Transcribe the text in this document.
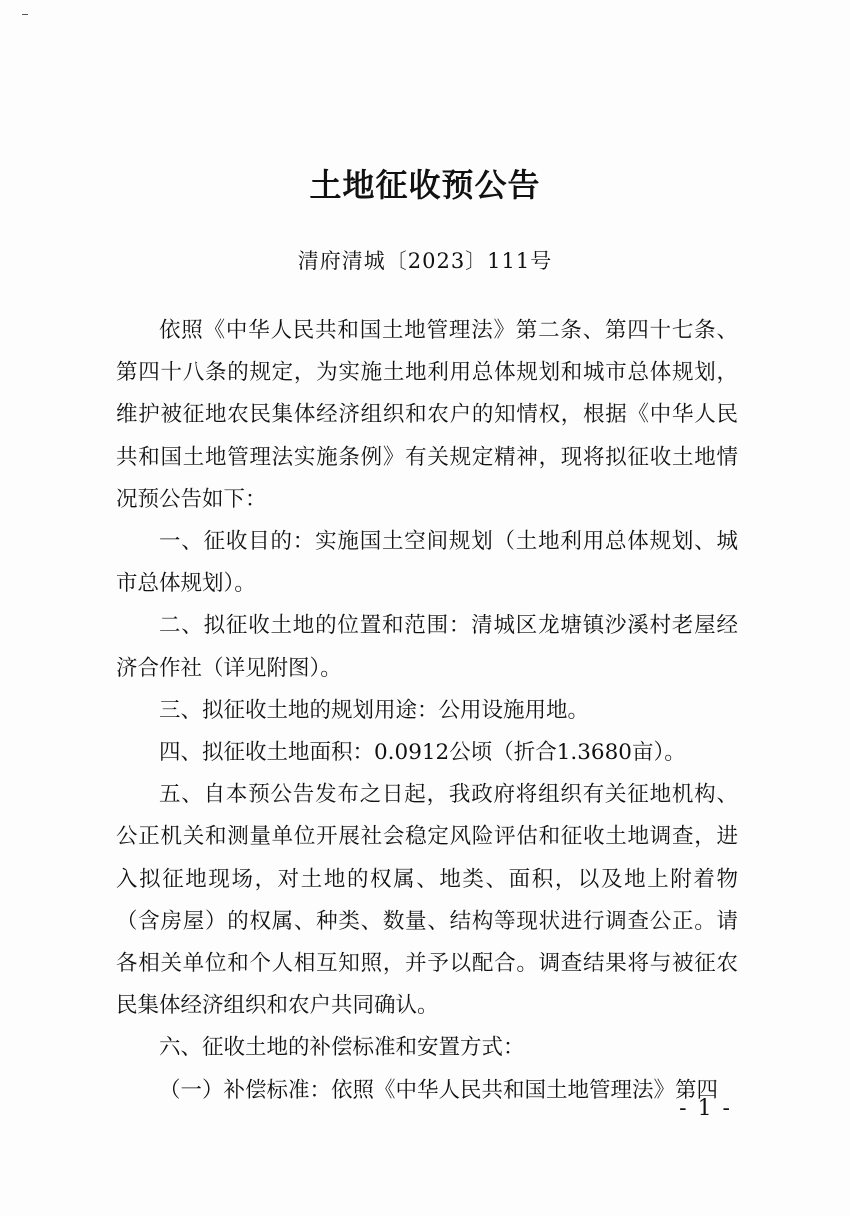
土地征收预公告
清府清城〔2023〕111号

依照《中华人民共和国土地管理法》第二条、第四十七条、第四十八条的规定，为实施土地利用总体规划和城市总体规划，维护被征地农民集体经济组织和农户的知情权，根据《中华人民共和国土地管理法实施条例》有关规定精神，现将拟征收土地情况预公告如下：

一、征收目的：实施国土空间规划（土地利用总体规划、城市总体规划）。

二、拟征收土地的位置和范围：清城区龙塘镇沙溪村老屋经济合作社（详见附图）。

三、拟征收土地的规划用途：公用设施用地。

四、拟征收土地面积：0.0912公顷（折合1.3680亩）。

五、自本预公告发布之日起，我政府将组织有关征地机构、公正机关和测量单位开展社会稳定风险评估和征收土地调查，进入拟征地现场，对土地的权属、地类、面积，以及地上附着物（含房屋）的权属、种类、数量、结构等现状进行调查公正。请各相关单位和个人相互知照，并予以配合。调查结果将与被征农民集体经济组织和农户共同确认。

六、征收土地的补偿标准和安置方式：

（一）补偿标准：依照《中华人民共和国土地管理法》第四

- 1 -
